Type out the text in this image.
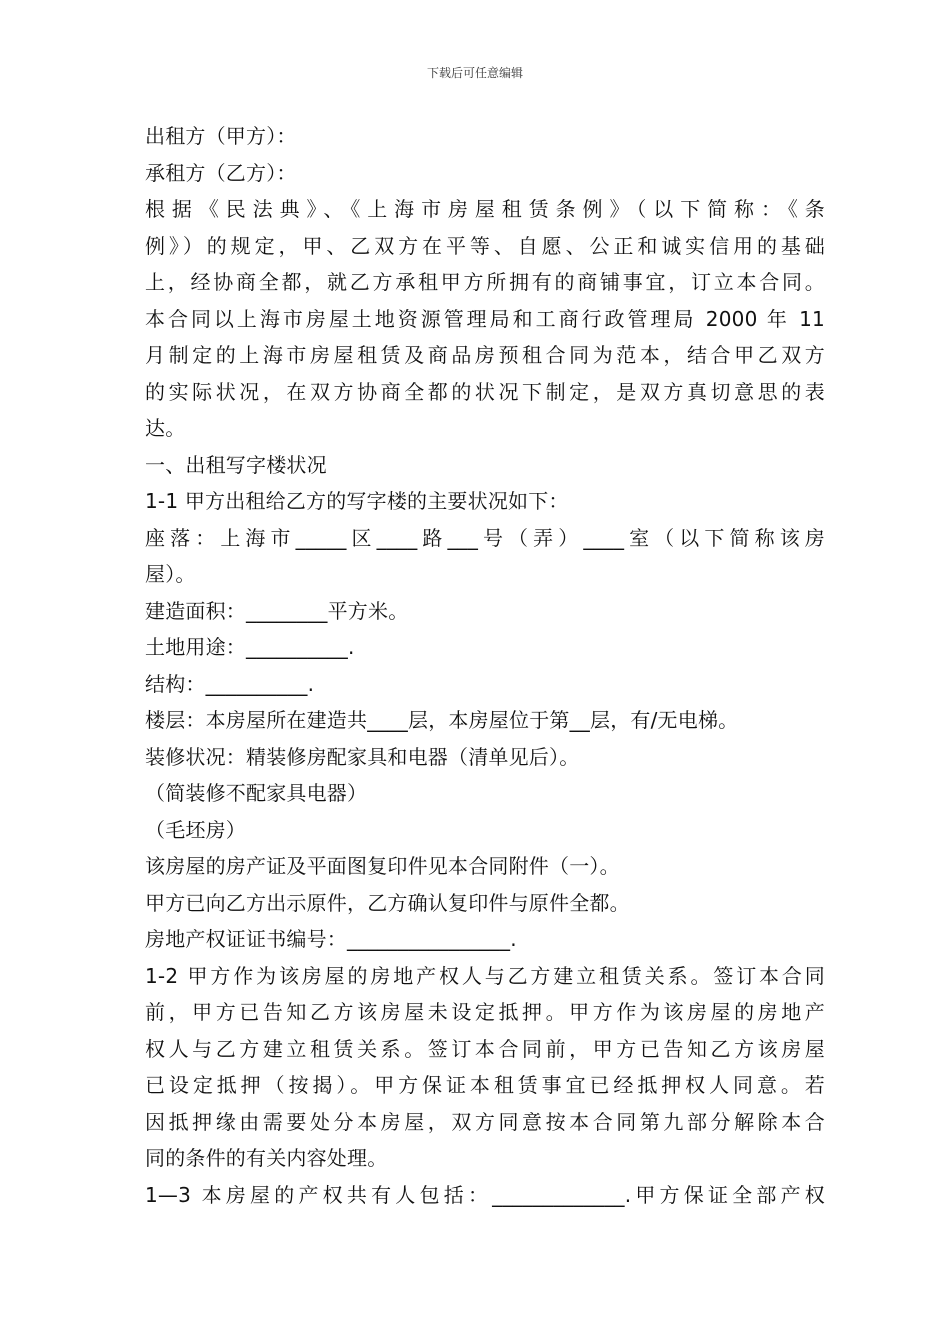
下载后可任意编辑
出租方（甲方）：
承租方（乙方）：
根据《民法典》、《上海市房屋租赁条例》（以下简称：《条
例》）的规定，甲、乙双方在平等、自愿、公正和诚实信用的基础
上，经协商全都，就乙方承租甲方所拥有的商铺事宜，订立本合同。
本合同以上海市房屋土地资源管理局和工商行政管理局 2000 年 11
月制定的上海市房屋租赁及商品房预租合同为范本，结合甲乙双方
的实际状况，在双方协商全都的状况下制定，是双方真切意思的表
达。
一、出租写字楼状况
1-1 甲方出租给乙方的写字楼的主要状况如下：
座落：上海市_____区____路___号（弄）____室（以下简称该房
屋）。
建造面积：________平方米。
土地用途：__________.
结构：__________.
楼层：本房屋所在建造共____层，本房屋位于第__层，有/无电梯。
装修状况：精装修房配家具和电器（清单见后）。
（简装修不配家具电器）
（毛坯房）
该房屋的房产证及平面图复印件见本合同附件（一）。
甲方已向乙方出示原件，乙方确认复印件与原件全都。
房地产权证证书编号：________________.
1-2 甲方作为该房屋的房地产权人与乙方建立租赁关系。签订本合同
前，甲方已告知乙方该房屋未设定抵押。甲方作为该房屋的房地产
权人与乙方建立租赁关系。签订本合同前，甲方已告知乙方该房屋
已设定抵押（按揭）。甲方保证本租赁事宜已经抵押权人同意。若
因抵押缘由需要处分本房屋，双方同意按本合同第九部分解除本合
同的条件的有关内容处理。
1—3 本房屋的产权共有人包括：_____________.甲方保证全部产权
